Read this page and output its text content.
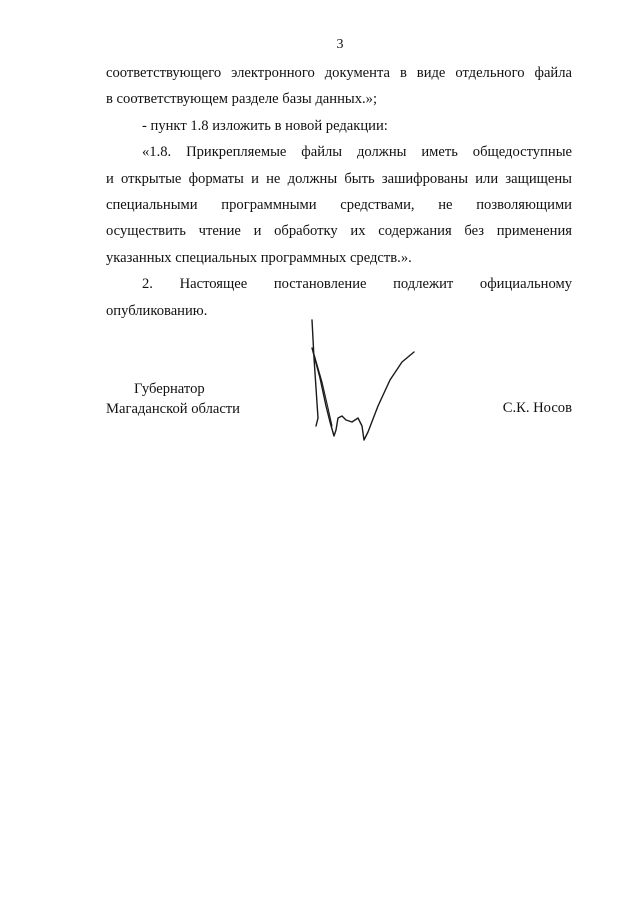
3
соответствующего электронного документа в виде отдельного файла
в соответствующем разделе базы данных.»;
- пункт 1.8 изложить в новой редакции:
«1.8. Прикрепляемые файлы должны иметь общедоступные
и открытые форматы и не должны быть зашифрованы или защищены
специальными программными средствами, не позволяющими
осуществить чтение и обработку их содержания без применения
указанных специальных программных средств.».
2. Настоящее постановление подлежит официальному
опубликованию.
Губернатор
Магаданской области	С.К. Носов
